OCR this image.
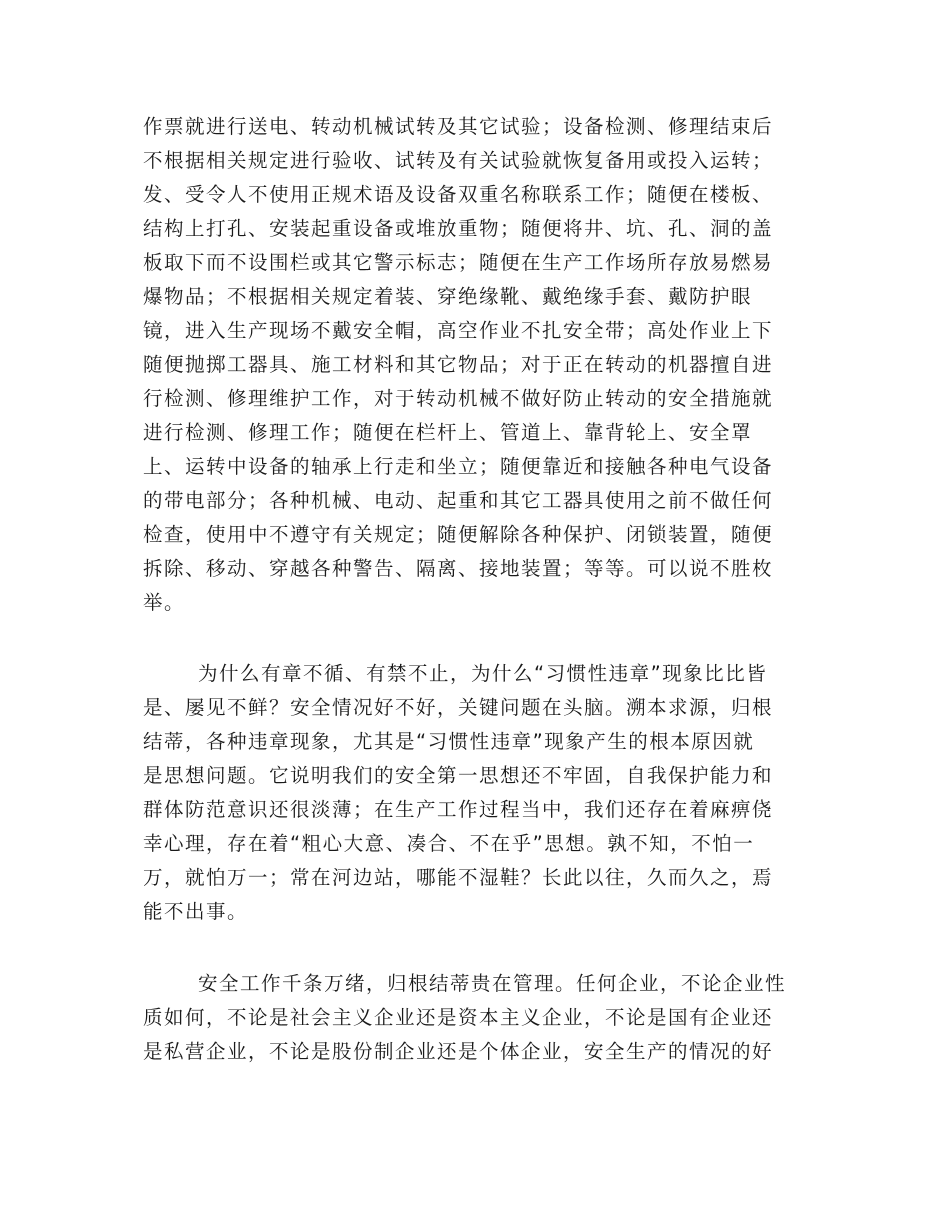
作票就进行送电、转动机械试转及其它试验；设备检测、修理结束后

不根据相关规定进行验收、试转及有关试验就恢复备用或投入运转；

发、受令人不使用正规术语及设备双重名称联系工作；随便在楼板、

结构上打孔、安装起重设备或堆放重物；随便将井、坑、孔、洞的盖

板取下而不设围栏或其它警示标志；随便在生产工作场所存放易燃易

爆物品；不根据相关规定着装、穿绝缘靴、戴绝缘手套、戴防护眼

镜，进入生产现场不戴安全帽，高空作业不扎安全带；高处作业上下

随便抛掷工器具、施工材料和其它物品；对于正在转动的机器擅自进

行检测、修理维护工作，对于转动机械不做好防止转动的安全措施就

进行检测、修理工作；随便在栏杆上、管道上、靠背轮上、安全罩

上、运转中设备的轴承上行走和坐立；随便靠近和接触各种电气设备

的带电部分；各种机械、电动、起重和其它工器具使用之前不做任何

检查，使用中不遵守有关规定；随便解除各种保护、闭锁装置，随便

拆除、移动、穿越各种警告、隔离、接地装置；等等。可以说不胜枚

举。

为什么有章不循、有禁不止，为什么“习惯性违章”现象比比皆

是、屡见不鲜？安全情况好不好，关键问题在头脑。溯本求源，归根

结蒂，各种违章现象，尤其是“习惯性违章”现象产生的根本原因就

是思想问题。它说明我们的安全第一思想还不牢固，自我保护能力和

群体防范意识还很淡薄；在生产工作过程当中，我们还存在着麻痹侥

幸心理，存在着“粗心大意、凑合、不在乎”思想。孰不知，不怕一

万，就怕万一；常在河边站，哪能不湿鞋？长此以往，久而久之，焉

能不出事。

安全工作千条万绪，归根结蒂贵在管理。任何企业，不论企业性

质如何，不论是社会主义企业还是资本主义企业，不论是国有企业还

是私营企业，不论是股份制企业还是个体企业，安全生产的情况的好
